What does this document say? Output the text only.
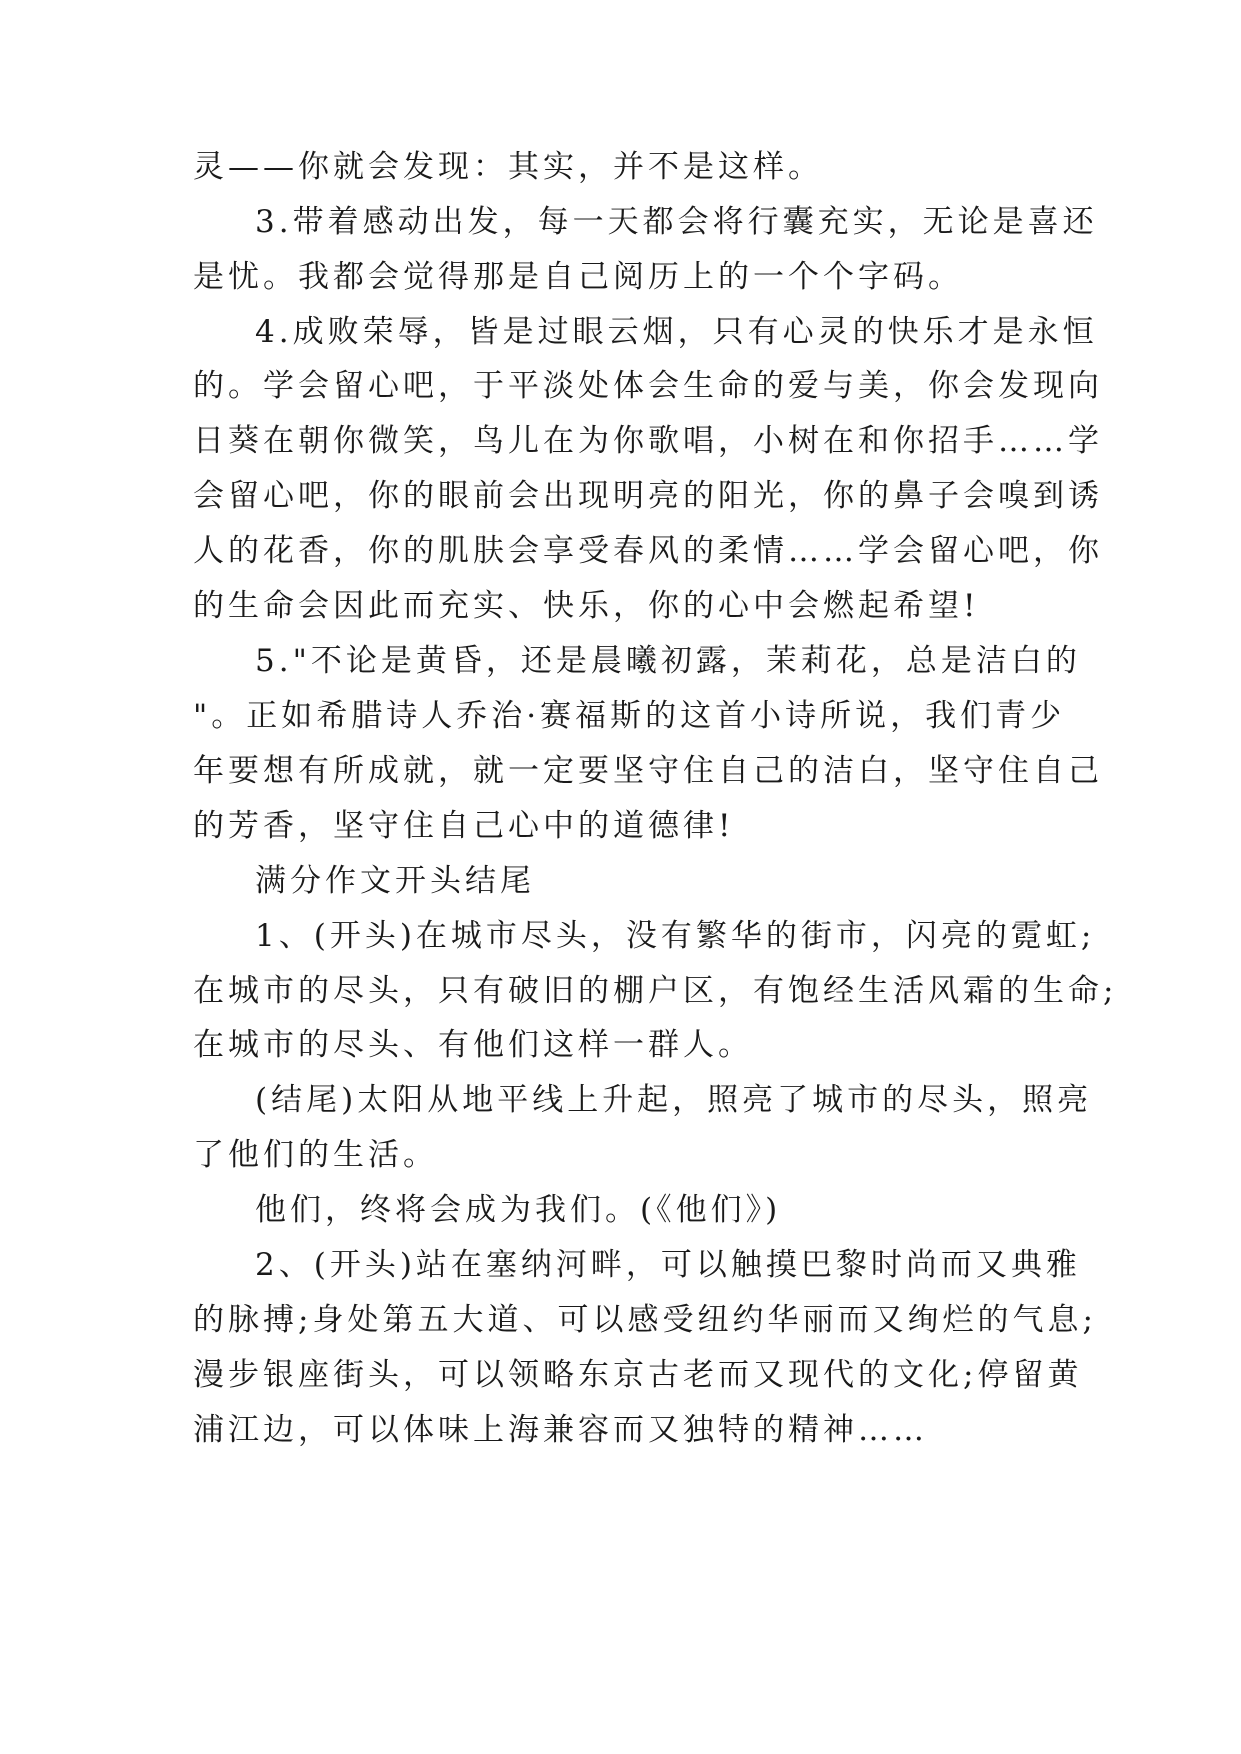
灵——你就会发现：其实，并不是这样。
3.带着感动出发，每一天都会将行囊充实，无论是喜还
是忧。我都会觉得那是自己阅历上的一个个字码。
4.成败荣辱，皆是过眼云烟，只有心灵的快乐才是永恒
的。学会留心吧，于平淡处体会生命的爱与美，你会发现向
日葵在朝你微笑，鸟儿在为你歌唱，小树在和你招手……学
会留心吧，你的眼前会出现明亮的阳光，你的鼻子会嗅到诱
人的花香，你的肌肤会享受春风的柔情……学会留心吧，你
的生命会因此而充实、快乐，你的心中会燃起希望!
5."不论是黄昏，还是晨曦初露，茉莉花，总是洁白的
"。正如希腊诗人乔治·赛福斯的这首小诗所说，我们青少
年要想有所成就，就一定要坚守住自己的洁白，坚守住自己
的芳香，坚守住自己心中的道德律!
满分作文开头结尾
1、(开头)在城市尽头，没有繁华的街市，闪亮的霓虹;
在城市的尽头，只有破旧的棚户区，有饱经生活风霜的生命;
在城市的尽头、有他们这样一群人。
(结尾)太阳从地平线上升起，照亮了城市的尽头，照亮
了他们的生活。
他们，终将会成为我们。(《他们》)
2、(开头)站在塞纳河畔，可以触摸巴黎时尚而又典雅
的脉搏;身处第五大道、可以感受纽约华丽而又绚烂的气息;
漫步银座街头，可以领略东京古老而又现代的文化;停留黄
浦江边，可以体味上海兼容而又独特的精神……
